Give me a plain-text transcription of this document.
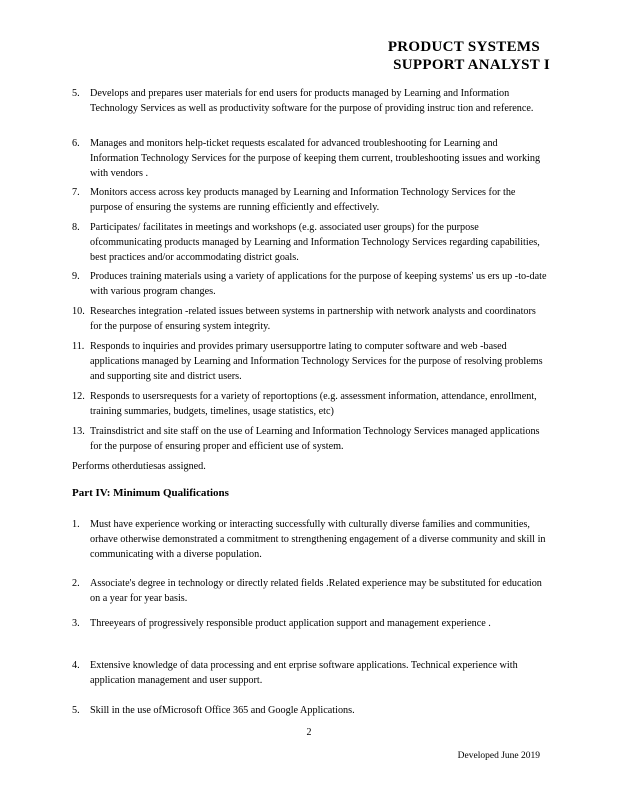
PRODUCT SYSTEMS
SUPPORT ANALYST I
5.	Develops and prepares user materials for end users for products managed by Learning and Information Technology Services as well as productivity software for the purpose of providing instruc tion and reference.
6.	Manages and monitors help-ticket requests escalated for advanced troubleshooting for Learning and Information Technology Services for the purpose of keeping them current, troubleshooting issues and working with vendors .
7.	Monitors access across key products managed by Learning and Information Technology Services for the purpose of ensuring the systems are running efficiently and effectively.
8.	Participates/ facilitates in meetings and workshops (e.g. associated user groups) for the purpose ofcommunicating products managed by Learning and Information Technology Services regarding capabilities, best practices and/or accommodating district goals.
9.	Produces training materials using a variety of applications for the purpose of keeping systems' us ers up -to-date with various program changes.
10. Researches integration -related issues between systems in partnership with network analysts and coordinators for the purpose of ensuring system integrity.
11. Responds to inquiries and provides primary usersupportre lating to computer software and web -based applications managed by Learning and Information Technology Services for the purpose of resolving problems and supporting site and district users.
12. Responds to usersrequests for a variety of reportoptions (e.g. assessment information, attendance, enrollment, training summaries, budgets, timelines, usage statistics, etc)
13. Trainsdistrict and site staff on the use of Learning and Information Technology Services managed applications for the purpose of ensuring proper and efficient use of system.
Performs otherdutiesas assigned.
Part IV: Minimum Qualifications
1.	Must have experience working or interacting successfully with culturally diverse families and communities, orhave otherwise demonstrated a commitment to strengthening engagement of a diverse community and skill in communicating with a diverse population.
2.	Associate's degree in technology or directly related fields .Related experience may be substituted for education on a year for year basis.
3.	Threeyears of progressively responsible product application support and management experience .
4.	Extensive knowledge of data processing and ent erprise software applications. Technical experience with application management and user support.
5.	Skill in the use ofMicrosoft Office 365 and Google Applications.
2
Developed June 2019
